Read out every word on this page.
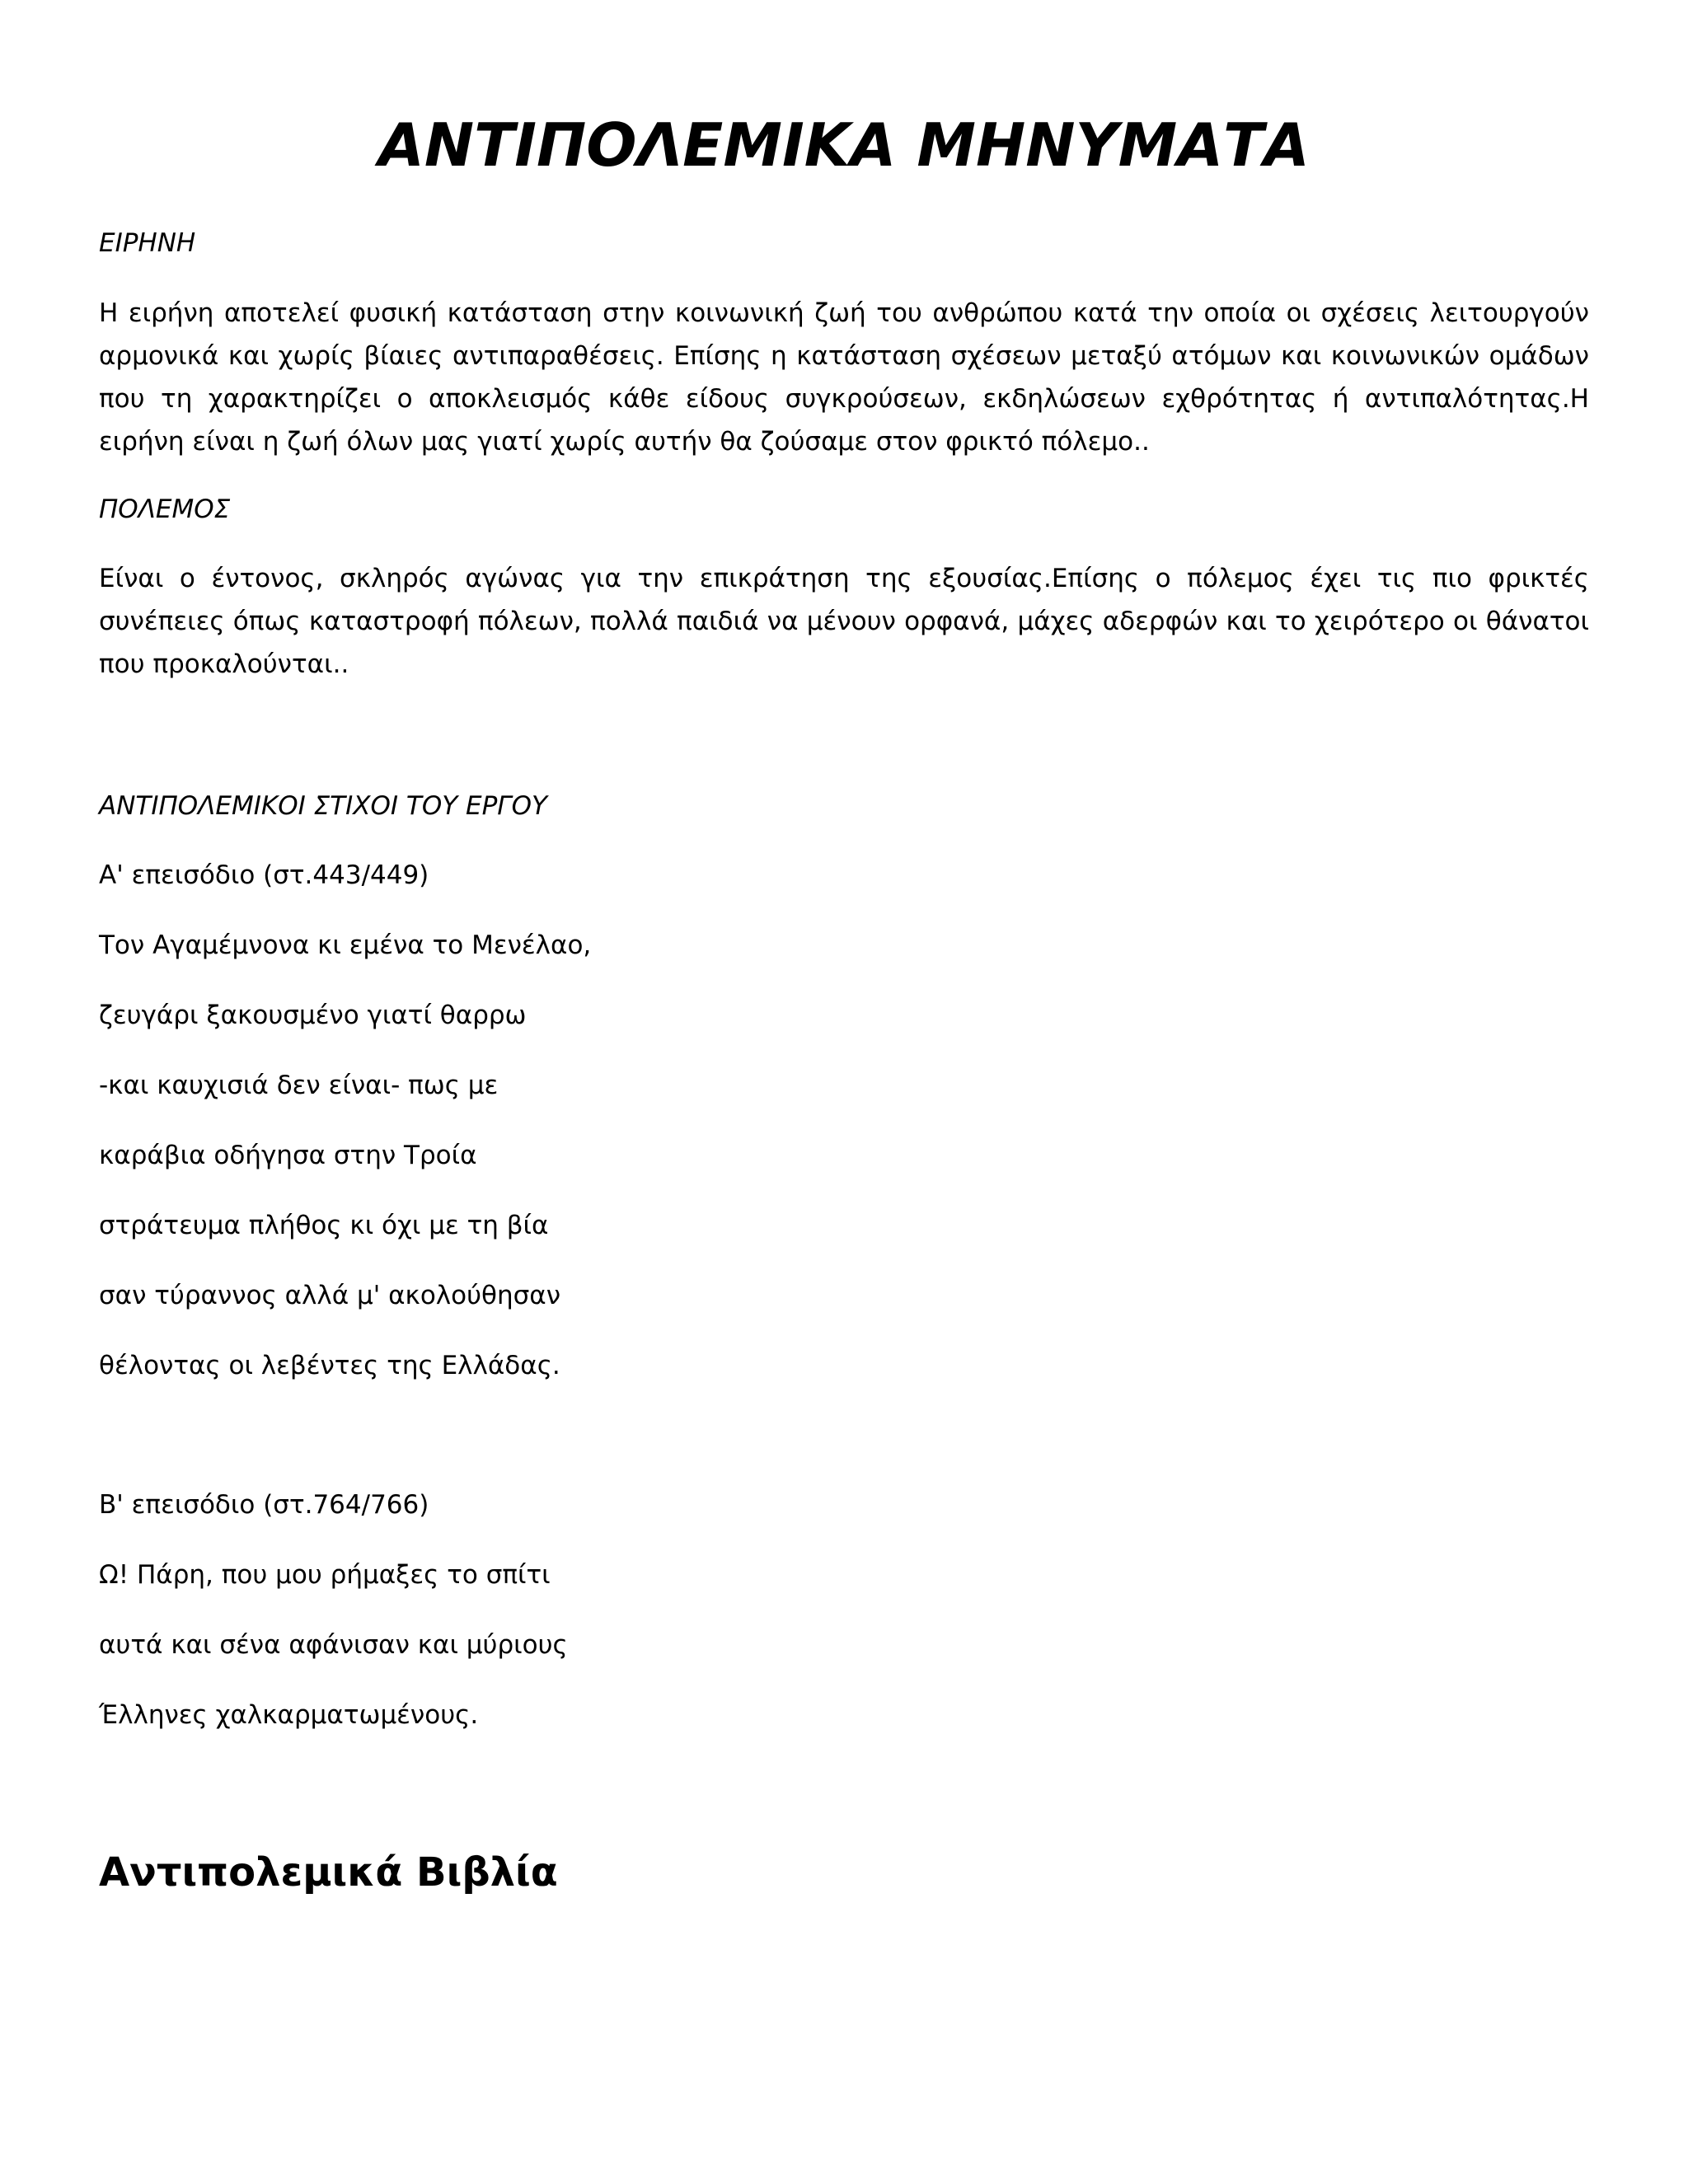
ΑΝΤΙΠΟΛΕΜΙΚΑ ΜΗΝΥΜΑΤΑ

ΕΙΡΗΝΗ

Η ειρήνη αποτελεί φυσική κατάσταση στην κοινωνική ζωή του ανθρώπου κατά την οποία οι σχέσεις λειτουργούν αρμονικά και χωρίς βίαιες αντιπαραθέσεις. Επίσης η κατάσταση σχέσεων μεταξύ ατόμων και κοινωνικών ομάδων που τη χαρακτηρίζει ο αποκλεισμός κάθε είδους συγκρούσεων, εκδηλώσεων εχθρότητας ή αντιπαλότητας.Η ειρήνη είναι η ζωή όλων μας γιατί χωρίς αυτήν θα ζούσαμε στον φρικτό πόλεμο..

ΠΟΛΕΜΟΣ

Είναι ο έντονος, σκληρός αγώνας για την επικράτηση της εξουσίας.Επίσης ο πόλεμος έχει τις πιο φρικτές συνέπειες όπως καταστροφή πόλεων, πολλά παιδιά να μένουν ορφανά, μάχες αδερφών και το χειρότερο οι θάνατοι που προκαλούνται..

ΑΝΤΙΠΟΛΕΜΙΚΟΙ ΣΤΙΧΟΙ ΤΟΥ ΕΡΓΟΥ

Α' επεισόδιο (στ.443/449)

Τον Αγαμέμνονα κι εμένα το Μενέλαο,

ζευγάρι ξακουσμένο γιατί θαρρω

-και καυχισιά δεν είναι- πως με

καράβια οδήγησα στην Τροία

στράτευμα πλήθος κι όχι με τη βία

σαν τύραννος αλλά μ' ακολούθησαν

θέλοντας οι λεβέντες της Ελλάδας.

Β' επεισόδιο (στ.764/766)

Ω! Πάρη, που μου ρήμαξες το σπίτι

αυτά και σένα αφάνισαν και μύριους

Έλληνες χαλκαρματωμένους.

Αντιπολεμικά Βιβλία
